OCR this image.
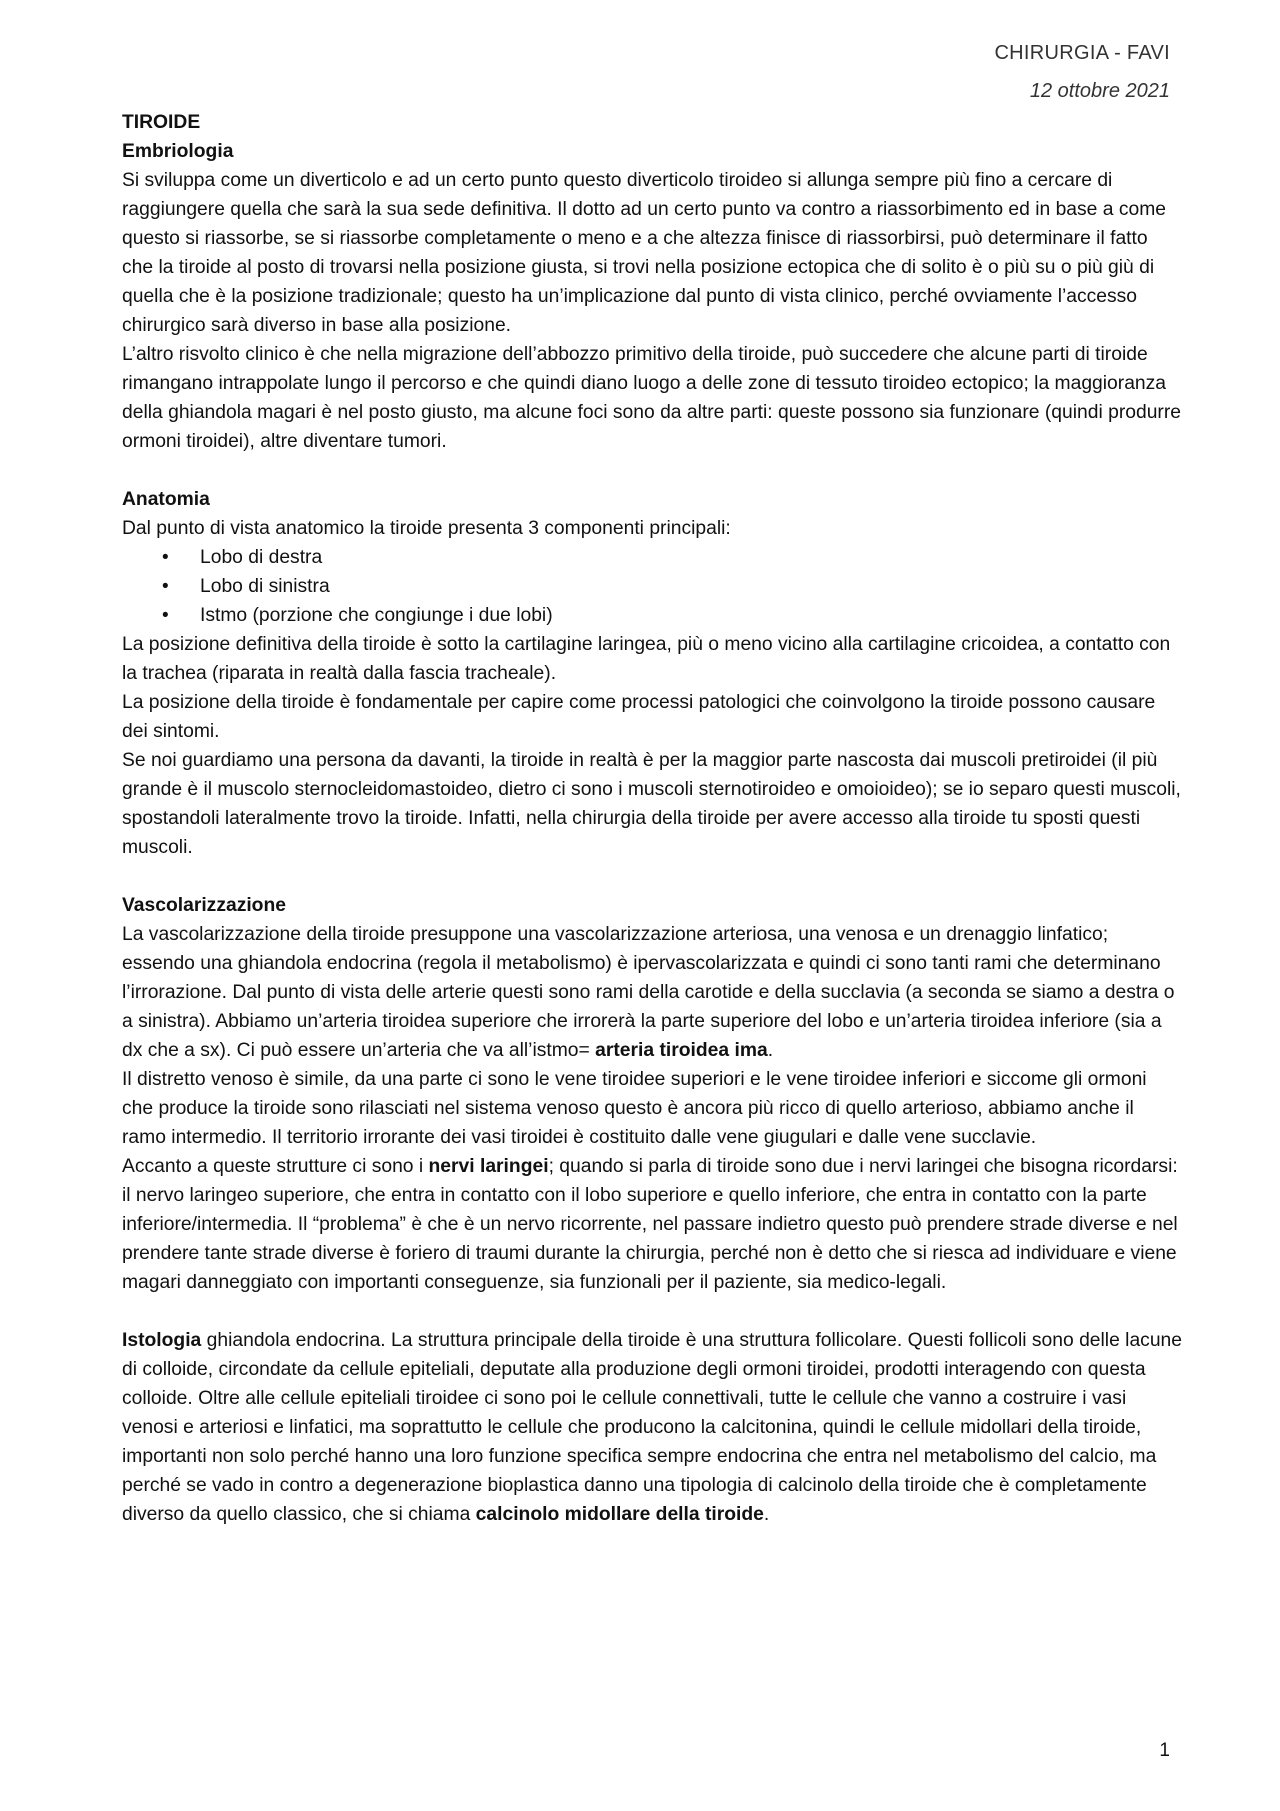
CHIRURGIA - FAVI
12 ottobre 2021

TIROIDE

Embriologia

Si sviluppa come un diverticolo e ad un certo punto questo diverticolo tiroideo si allunga sempre più fino a cercare di raggiungere quella che sarà la sua sede definitiva. Il dotto ad un certo punto va contro a riassorbimento ed in base a come questo si riassorbe, se si riassorbe completamente o meno e a che altezza finisce di riassorbirsi, può determinare il fatto che la tiroide al posto di trovarsi nella posizione giusta, si trovi nella posizione ectopica che di solito è o più su o più giù di quella che è la posizione tradizionale; questo ha un’implicazione dal punto di vista clinico, perché ovviamente l’accesso chirurgico sarà diverso in base alla posizione.

L’altro risvolto clinico è che nella migrazione dell’abbozzo primitivo della tiroide, può succedere che alcune parti di tiroide rimangano intrappolate lungo il percorso e che quindi diano luogo a delle zone di tessuto tiroideo ectopico; la maggioranza della ghiandola magari è nel posto giusto, ma alcune foci sono da altre parti: queste possono sia funzionare (quindi produrre ormoni tiroidei), altre diventare tumori.

Anatomia

Dal punto di vista anatomico la tiroide presenta 3 componenti principali:

• Lobo di destra
• Lobo di sinistra
• Istmo (porzione che congiunge i due lobi)

La posizione definitiva della tiroide è sotto la cartilagine laringea, più o meno vicino alla cartilagine cricoidea, a contatto con la trachea (riparata in realtà dalla fascia tracheale).

La posizione della tiroide è fondamentale per capire come processi patologici che coinvolgono la tiroide possono causare dei sintomi.

Se noi guardiamo una persona da davanti, la tiroide in realtà è per la maggior parte nascosta dai muscoli pretiroidei (il più grande è il muscolo sternocleidomastoideo, dietro ci sono i muscoli sternotiroideo e omoioideo); se io separo questi muscoli, spostandoli lateralmente trovo la tiroide. Infatti, nella chirurgia della tiroide per avere accesso alla tiroide tu sposti questi muscoli.

Vascolarizzazione

La vascolarizzazione della tiroide presuppone una vascolarizzazione arteriosa, una venosa e un drenaggio linfatico; essendo una ghiandola endocrina (regola il metabolismo) è ipervascolarizzata e quindi ci sono tanti rami che determinano l’irrorazione. Dal punto di vista delle arterie questi sono rami della carotide e della succlavia (a seconda se siamo a destra o a sinistra). Abbiamo un’arteria tiroidea superiore che irrorerà la parte superiore del lobo e un’arteria tiroidea inferiore (sia a dx che a sx). Ci può essere un’arteria che va all’istmo= arteria tiroidea ima.

Il distretto venoso è simile, da una parte ci sono le vene tiroidee superiori e le vene tiroidee inferiori e siccome gli ormoni che produce la tiroide sono rilasciati nel sistema venoso questo è ancora più ricco di quello arterioso, abbiamo anche il ramo intermedio. Il territorio irrorante dei vasi tiroidei è costituito dalle vene giugulari e dalle vene succlavie.

Accanto a queste strutture ci sono i nervi laringei; quando si parla di tiroide sono due i nervi laringei che bisogna ricordarsi: il nervo laringeo superiore, che entra in contatto con il lobo superiore e quello inferiore, che entra in contatto con la parte inferiore/intermedia. Il “problema” è che è un nervo ricorrente, nel passare indietro questo può prendere strade diverse e nel prendere tante strade diverse è foriero di traumi durante la chirurgia, perché non è detto che si riesca ad individuare e viene magari danneggiato con importanti conseguenze, sia funzionali per il paziente, sia medico-legali.

Istologia ghiandola endocrina. La struttura principale della tiroide è una struttura follicolare. Questi follicoli sono delle lacune di colloide, circondate da cellule epiteliali, deputate alla produzione degli ormoni tiroidei, prodotti interagendo con questa colloide. Oltre alle cellule epiteliali tiroidee ci sono poi le cellule connettivali, tutte le cellule che vanno a costruire i vasi venosi e arteriosi e linfatici, ma soprattutto le cellule che producono la calcitonina, quindi le cellule midollari della tiroide, importanti non solo perché hanno una loro funzione specifica sempre endocrina che entra nel metabolismo del calcio, ma perché se vado in contro a degenerazione bioplastica danno una tipologia di calcinolo della tiroide che è completamente diverso da quello classico, che si chiama calcinolo midollare della tiroide.

1
